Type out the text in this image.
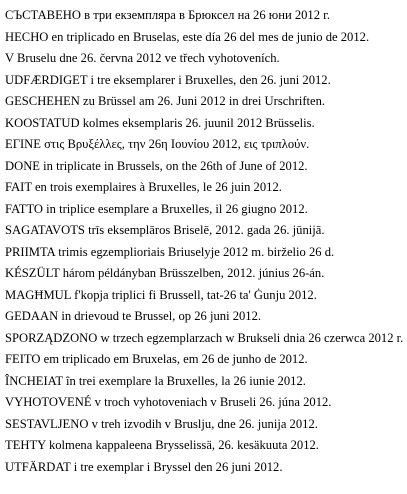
СЪСТАВЕНО в три екземпляра в Брюксел на 26 юни 2012 г.
HECHO en triplicado en Bruselas, este día 26 del mes de junio de 2012.
V Bruselu dne 26. června 2012 ve třech vyhotoveních.
UDFÆRDIGET i tre eksemplarer i Bruxelles, den 26. juni 2012.
GESCHEHEN zu Brüssel am 26. Juni 2012 in drei Urschriften.
KOOSTATUD kolmes eksemplaris 26. juunil 2012 Brüsselis.
ΕΓΙΝΕ στις Βρυξέλλες, την 26η Ιουνίου 2012, εις τριπλούν.
DONE in triplicate in Brussels, on the 26th of June of 2012.
FAIT en trois exemplaires à Bruxelles, le 26 juin 2012.
FATTO in triplice esemplare a Bruxelles, il 26 giugno 2012.
SAGATAVOTS trīs eksemplāros Briselē, 2012. gada 26. jūnijā.
PRIIMTA trimis egzemplioriais Briuselyje 2012 m. birželio 26 d.
KÉSZÜLT három példányban Brüsszelben, 2012. június 26-án.
MAGĦMUL f'kopja triplici fi Brussell, tat-26 ta' Ġunju 2012.
GEDAAN in drievoud te Brussel, op 26 juni 2012.
SPORZĄDZONO w trzech egzemplarzach w Brukseli dnia 26 czerwca 2012 r.
FEITO em triplicado em Bruxelas, em 26 de junho de 2012.
ÎNCHEIAT în trei exemplare la Bruxelles, la 26 iunie 2012.
VYHOTOVENÉ v troch vyhotoveniach v Bruseli 26. júna 2012.
SESTAVLJENO v treh izvodih v Bruslju, dne 26. junija 2012.
TEHTY kolmena kappaleena Brysselissä, 26. kesäkuuta 2012.
UTFÄRDAT i tre exemplar i Bryssel den 26 juni 2012.
